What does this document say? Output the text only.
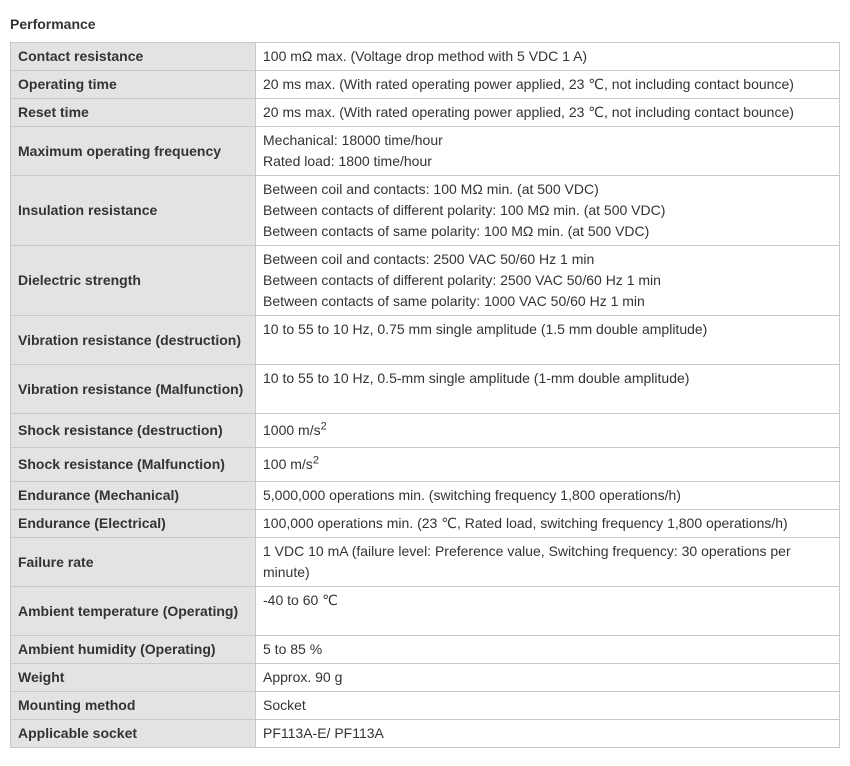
Performance
Contact resistance	100 mΩ max. (Voltage drop method with 5 VDC 1 A)

Operating time	20 ms max. (With rated operating power applied, 23 ℃, not including contact bounce)

Reset time	20 ms max. (With rated operating power applied, 23 ℃, not including contact bounce)

Maximum operating frequency	Mechanical: 18000 time/hour
Rated load: 1800 time/hour

Insulation resistance	Between coil and contacts: 100 MΩ min. (at 500 VDC)
Between contacts of different polarity: 100 MΩ min. (at 500 VDC)
Between contacts of same polarity: 100 MΩ min. (at 500 VDC)

Dielectric strength	Between coil and contacts: 2500 VAC 50/60 Hz 1 min
Between contacts of different polarity: 2500 VAC 50/60 Hz 1 min
Between contacts of same polarity: 1000 VAC 50/60 Hz 1 min

Vibration resistance (destruction)	10 to 55 to 10 Hz, 0.75 mm single amplitude (1.5 mm double amplitude)

Vibration resistance (Malfunction)	10 to 55 to 10 Hz, 0.5-mm single amplitude (1-mm double amplitude)

Shock resistance (destruction)	1000 $m/s^2$
Shock resistance (Malfunction)	100 $m/s^2$
Endurance (Mechanical)	5,000,000 operations min. (switching frequency 1,800 operations/h)

Endurance (Electrical)	100,000 operations min. (23 ℃, Rated load, switching frequency 1,800 operations/h)

Failure rate	1 VDC 10 mA (failure level: Preference value, Switching frequency: 30 operations per minute)

Ambient temperature (Operating)	-40 to 60 ℃

Ambient humidity (Operating)	5 to 85 %

Weight	Approx. 90 g

Mounting method	Socket

Applicable socket	PF113A-E/ PF113A
